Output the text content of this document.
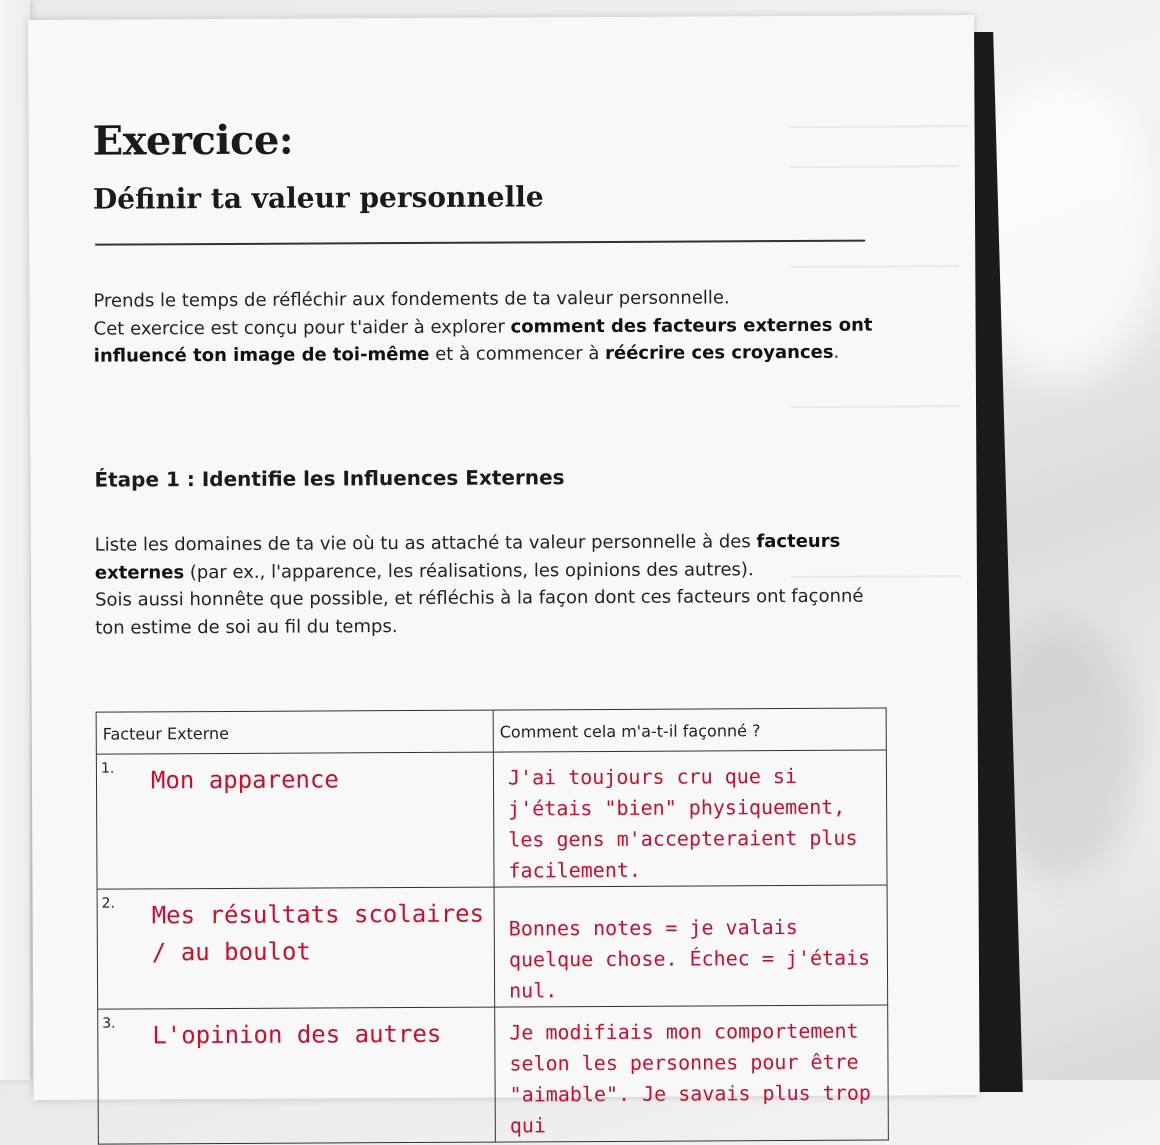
Exercice:
Définir ta valeur personnelle

Prends le temps de réfléchir aux fondements de ta valeur personnelle.

Cet exercice est conçu pour t'aider à explorer comment des facteurs externes ont influencé ton image de toi-même et à commencer à réécrire ces croyances.

Étape 1 : Identifie les Influences Externes

Liste les domaines de ta vie où tu as attaché ta valeur personnelle à des facteurs externes (par ex., l'apparence, les réalisations, les opinions des autres).

Sois aussi honnête que possible, et réfléchis à la façon dont ces facteurs ont façonné ton estime de soi au fil du temps.

Facteur Externe	Comment cela m'a-t-il façonné ?

1. Mon apparence	J'ai toujours cru que si j'étais "bien" physiquement, les gens m'accepteraient plus facilement.

2. Mes résultats scolaires / au boulot	Bonnes notes = je valais quelque chose. Échec = j'étais nul.

3. L'opinion des autres	Je modifiais mon comportement selon les personnes pour être "aimable". Je savais plus trop qui
